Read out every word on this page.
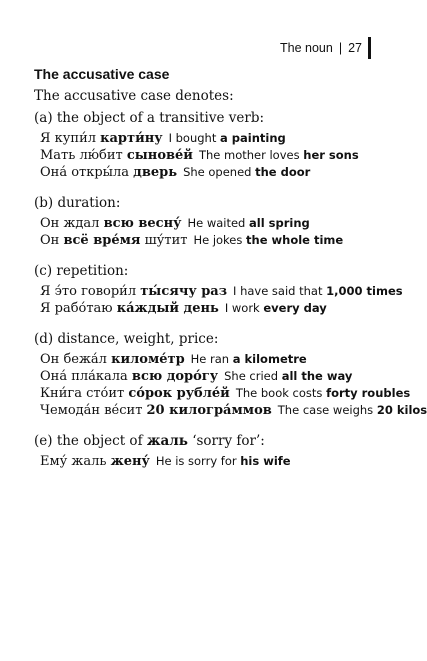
The noun | 27
The accusative case
The accusative case denotes:
(a) the object of a transitive verb:
Я купи́л карти́ну I bought a painting
Мать лю́бит сынове́й The mother loves her sons
Она́ откры́ла дверь She opened the door
(b) duration:
Он ждал всю весну́ He waited all spring
Он всё вре́мя шу́тит He jokes the whole time
(c) repetition:
Я э́то говори́л ты́сячу раз I have said that 1,000 times
Я рабо́таю ка́ждый день I work every day
(d) distance, weight, price:
Он бежа́л киломе́тр He ran a kilometre
Она́ пла́кала всю доро́гу She cried all the way
Кни́га сто́ит со́рок рубле́й The book costs forty roubles
Чемода́н ве́сит 20 килогра́ммов The case weighs 20 kilos
(e) the object of жаль ‘sorry for’:
Ему́ жаль жену́ He is sorry for his wife
